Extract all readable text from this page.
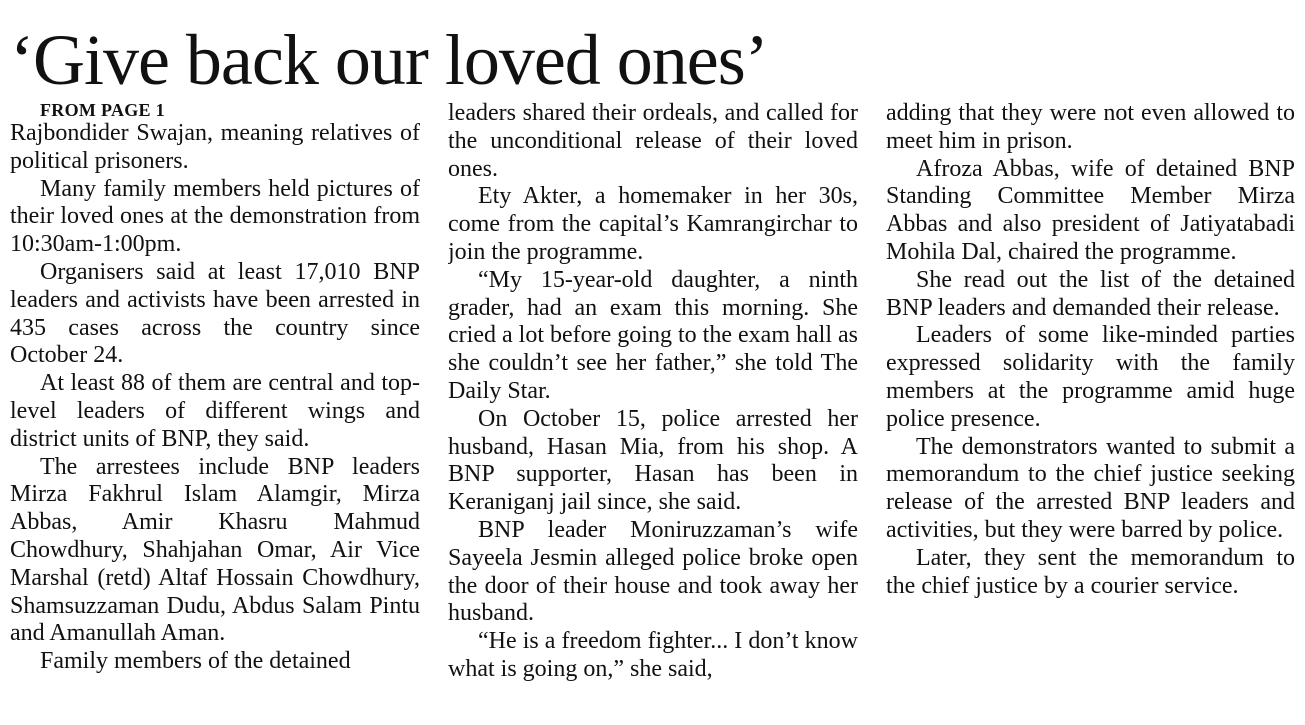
‘Give back our loved ones’

FROM PAGE 1

Rajbondider Swajan, meaning relatives of political prisoners.

Many family members held pictures of their loved ones at the demonstration from 10:30am-1:00pm.

Organisers said at least 17,010 BNP leaders and activists have been arrested in 435 cases across the country since October 24.

At least 88 of them are central and top-level leaders of different wings and district units of BNP, they said.

The arrestees include BNP leaders Mirza Fakhrul Islam Alamgir, Mirza Abbas, Amir Khasru Mahmud Chowdhury, Shahjahan Omar, Air Vice Marshal (retd) Altaf Hossain Chowdhury, Shamsuzzaman Dudu, Abdus Salam Pintu and Amanullah Aman.

Family members of the detained

leaders shared their ordeals, and called for the unconditional release of their loved ones.

Ety Akter, a homemaker in her 30s, come from the capital’s Kamrangirchar to join the programme.

“My 15-year-old daughter, a ninth grader, had an exam this morning. She cried a lot before going to the exam hall as she couldn’t see her father,” she told The Daily Star.

On October 15, police arrested her husband, Hasan Mia, from his shop. A BNP supporter, Hasan has been in Keraniganj jail since, she said.

BNP leader Moniruzzaman’s wife Sayeela Jesmin alleged police broke open the door of their house and took away her husband.

“He is a freedom fighter... I don’t know what is going on,” she said,

adding that they were not even allowed to meet him in prison.

Afroza Abbas, wife of detained BNP Standing Committee Member Mirza Abbas and also president of Jatiyatabadi Mohila Dal, chaired the programme.

She read out the list of the detained BNP leaders and demanded their release.

Leaders of some like-minded parties expressed solidarity with the family members at the programme amid huge police presence.

The demonstrators wanted to submit a memorandum to the chief justice seeking release of the arrested BNP leaders and activities, but they were barred by police.

Later, they sent the memorandum to the chief justice by a courier service.
